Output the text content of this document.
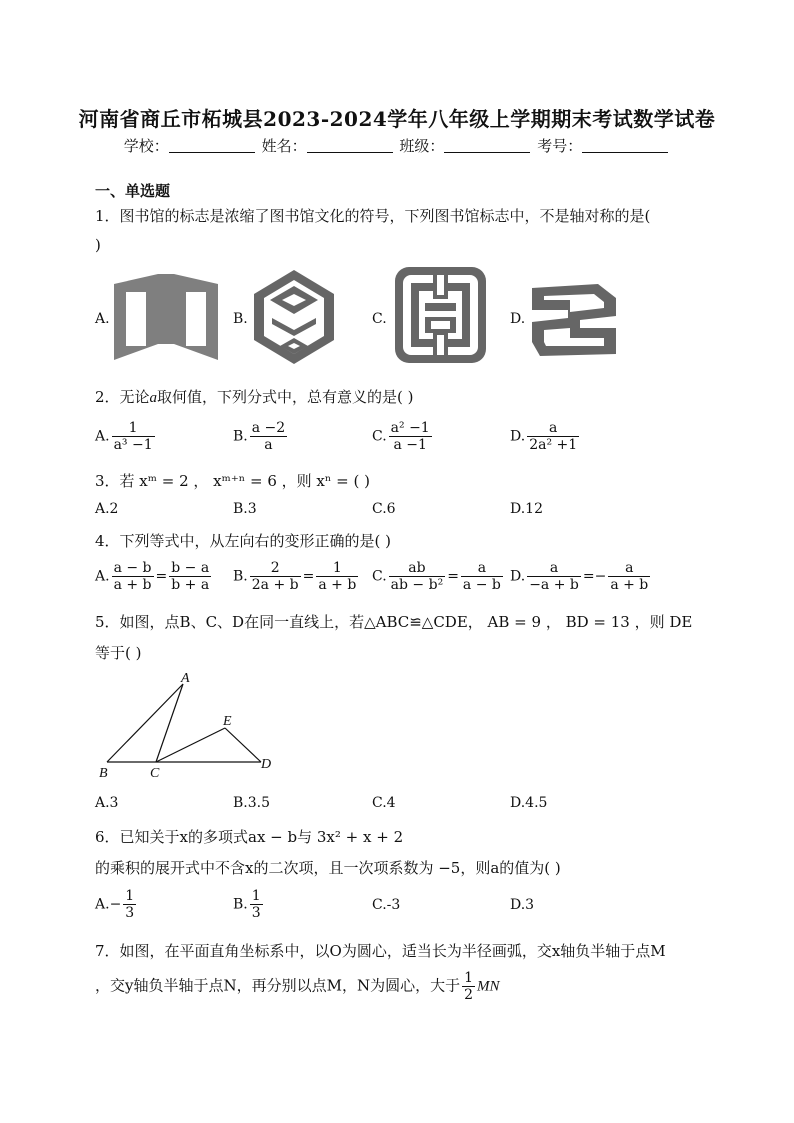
河南省商丘市柘城县2023-2024学年八年级上学期期末考试数学试卷
学校：	姓名：	班级：	考号：
一、单选题
1．图书馆的标志是浓缩了图书馆文化的符号，下列图书馆标志中，不是轴对称的是(
)
A.	B.	C.	D.
2．无论a取何值，下列分式中，总有意义的是( )
A. $\frac{1}{\text{a³ −1}}$	B. $\frac{a -2}{a}$	C. $\frac{\text{a² −1}}{a -1}$	D. $\frac{a}{\text{2a² +1}}$
3．若 xᵐ = 2 ， xᵐ⁺ⁿ = 6 ，则 xⁿ = ( )
A.2	B.3	C.6	D.12
4．下列等式中，从左向右的变形正确的是( )
A. $\frac{a - b}{a + b} = \frac{b - a}{b + a} B$. $\frac{2}{2a + b} = \frac{1}{a + b} C$. $\frac{ab}{\text{ab − b²}} = \frac{a}{a - b} D$. $\frac{a}{-a + b} =- \frac{a}{a + b}$
5．如图，点B、C、D在同一直线上，若△ABC≌△CDE， AB = 9 ， BD = 13 ，则 DE
等于( )
A
B	C
D
E
A.3	B.3.5	C.4	D.4.5
6．已知关于x的多项式ax − b与 3x² + x + 2
的乘积的展开式中不含x的二次项，且一次项系数为 −5，则a的值为( )
$A.- \frac{1}{3}$	B. $\frac{1}{3}$	C.-3	D.3
7．如图，在平面直角坐标系中，以O为圆心，适当长为半径画弧，交x轴负半轴于点M
，交y轴负半轴于点N，再分别以点M，N为圆心，大于 $\frac{1}{2}$ MN
